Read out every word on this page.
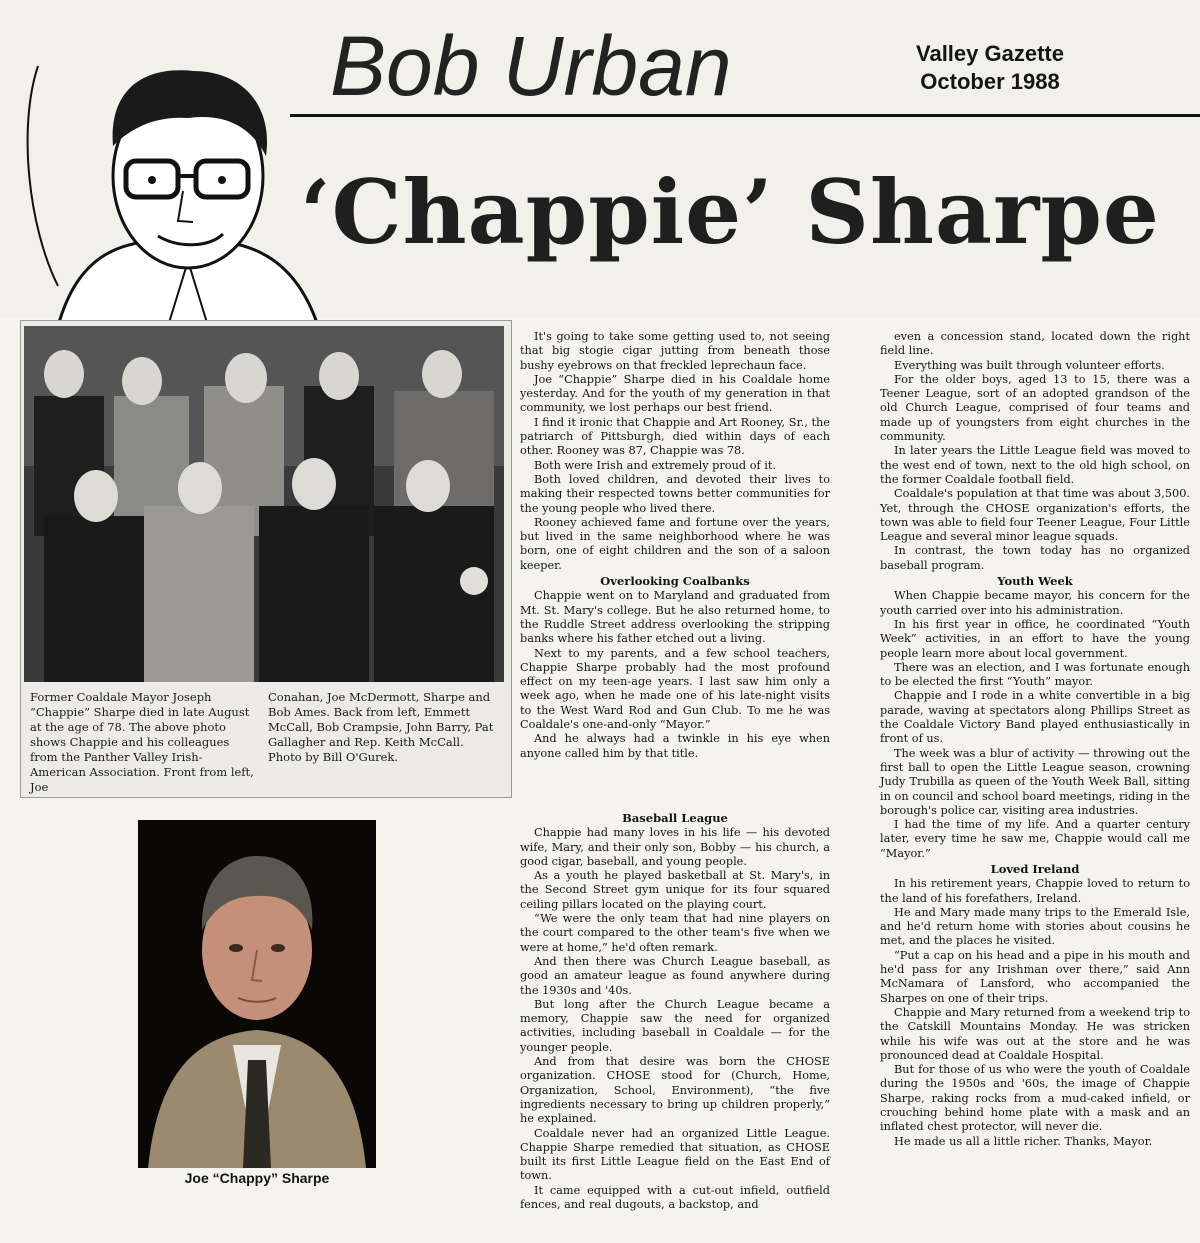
Bob Urban	Valley Gazette
October 1988
‘Chappie’ Sharpe
Former Coaldale Mayor Joseph “Chappie” Sharpe died in late August at the age of 78. The above photo shows Chappie and his colleagues from the Panther Valley Irish-American Association. Front from left, Joe
Conahan, Joe McDermott, Sharpe and Bob Ames. Back from left, Emmett McCall, Bob Crampsie, John Barry, Pat Gallagher and Rep. Keith McCall. Photo by Bill O'Gurek.
Joe “Chappy” Sharpe

It's going to take some getting used to, not seeing that big stogie cigar jutting from beneath those bushy eyebrows on that freckled leprechaun face.

Joe “Chappie” Sharpe died in his Coaldale home yesterday. And for the youth of my generation in that community, we lost perhaps our best friend.

I find it ironic that Chappie and Art Rooney, Sr., the patriarch of Pittsburgh, died within days of each other. Rooney was 87, Chappie was 78.

Both were Irish and extremely proud of it.

Both loved children, and devoted their lives to making their respected towns better communities for the young people who lived there.

Rooney achieved fame and fortune over the years, but lived in the same neighborhood where he was born, one of eight children and the son of a saloon keeper.

Overlooking Coalbanks

Chappie went on to Maryland and graduated from Mt. St. Mary's college. But he also returned home, to the Ruddle Street address overlooking the stripping banks where his father etched out a living.

Next to my parents, and a few school teachers, Chappie Sharpe probably had the most profound effect on my teen-age years. I last saw him only a week ago, when he made one of his late-night visits to the West Ward Rod and Gun Club. To me he was Coaldale's one-and-only “Mayor.”

And he always had a twinkle in his eye when anyone called him by that title.

Baseball League

Chappie had many loves in his life — his devoted wife, Mary, and their only son, Bobby — his church, a good cigar, baseball, and young people.

As a youth he played basketball at St. Mary's, in the Second Street gym unique for its four squared ceiling pillars located on the playing court.

“We were the only team that had nine players on the court compared to the other team's five when we were at home,” he'd often remark.

And then there was Church League baseball, as good an amateur league as found anywhere during the 1930s and '40s.

But long after the Church League became a memory, Chappie saw the need for organized activities, including baseball in Coaldale — for the younger people.

And from that desire was born the CHOSE organization. CHOSE stood for (Church, Home, Organization, School, Environment), “the five ingredients necessary to bring up children properly,” he explained.

Coaldale never had an organized Little League. Chappie Sharpe remedied that situation, as CHOSE built its first Little League field on the East End of town.

It came equipped with a cut-out infield, outfield fences, and real dugouts, a backstop, and

even a concession stand, located down the right field line.

Everything was built through volunteer efforts.

For the older boys, aged 13 to 15, there was a Teener League, sort of an adopted grandson of the old Church League, comprised of four teams and made up of youngsters from eight churches in the community.

In later years the Little League field was moved to the west end of town, next to the old high school, on the former Coaldale football field.

Coaldale's population at that time was about 3,500. Yet, through the CHOSE organization's efforts, the town was able to field four Teener League, Four Little League and several minor league squads.

In contrast, the town today has no organized baseball program.

Youth Week

When Chappie became mayor, his concern for the youth carried over into his administration.

In his first year in office, he coordinated “Youth Week” activities, in an effort to have the young people learn more about local government.

There was an election, and I was fortunate enough to be elected the first “Youth” mayor.

Chappie and I rode in a white convertible in a big parade, waving at spectators along Phillips Street as the Coaldale Victory Band played enthusiastically in front of us.

The week was a blur of activity — throwing out the first ball to open the Little League season, crowning Judy Trubilla as queen of the Youth Week Ball, sitting in on council and school board meetings, riding in the borough's police car, visiting area industries.

I had the time of my life. And a quarter century later, every time he saw me, Chappie would call me “Mayor.”

Loved Ireland

In his retirement years, Chappie loved to return to the land of his forefathers, Ireland.

He and Mary made many trips to the Emerald Isle, and he'd return home with stories about cousins he met, and the places he visited.

“Put a cap on his head and a pipe in his mouth and he'd pass for any Irishman over there,” said Ann McNamara of Lansford, who accompanied the Sharpes on one of their trips.

Chappie and Mary returned from a weekend trip to the Catskill Mountains Monday. He was stricken while his wife was out at the store and he was pronounced dead at Coaldale Hospital.

But for those of us who were the youth of Coaldale during the 1950s and '60s, the image of Chappie Sharpe, raking rocks from a mud-caked infield, or crouching behind home plate with a mask and an inflated chest protector, will never die.

He made us all a little richer. Thanks, Mayor.
